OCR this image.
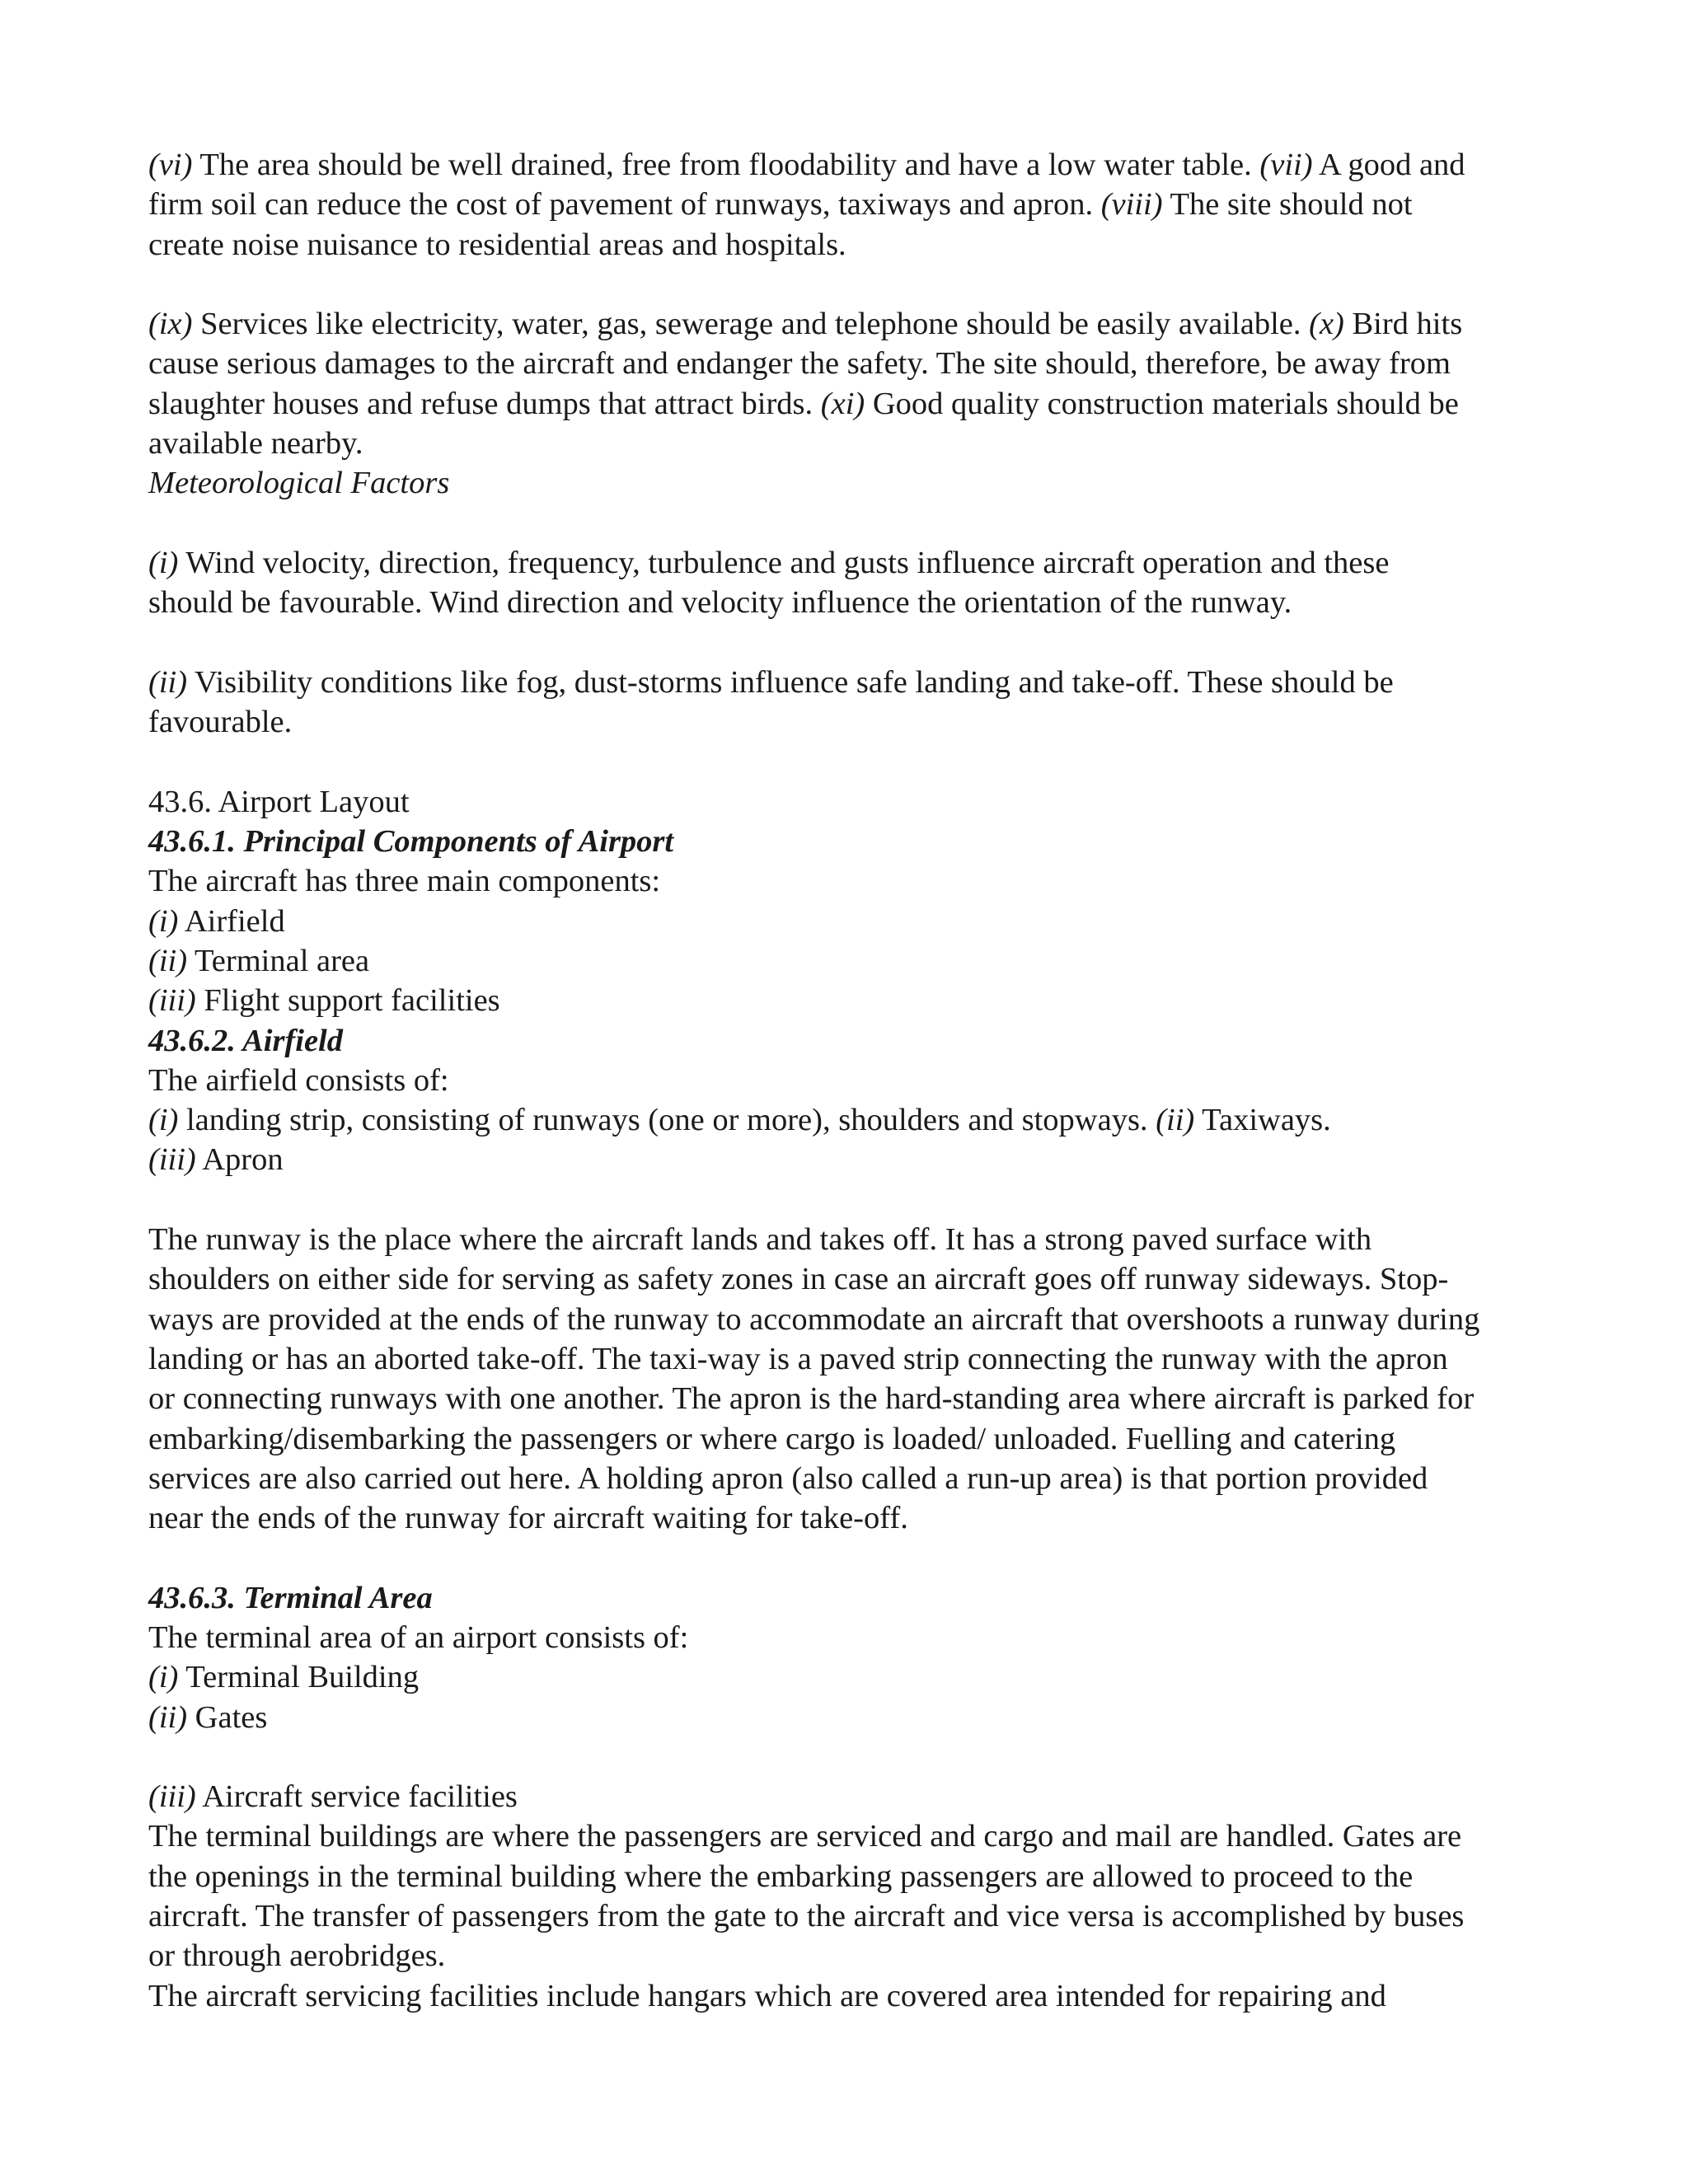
(vi) The area should be well drained, free from floodability and have a low water table. (vii) A good and
firm soil can reduce the cost of pavement of runways, taxiways and apron. (viii) The site should not
create noise nuisance to residential areas and hospitals.
(ix) Services like electricity, water, gas, sewerage and telephone should be easily available. (x) Bird hits
cause serious damages to the aircraft and endanger the safety. The site should, therefore, be away from
slaughter houses and refuse dumps that attract birds. (xi) Good quality construction materials should be
available nearby.
Meteorological Factors
(i) Wind velocity, direction, frequency, turbulence and gusts influence aircraft operation and these
should be favourable. Wind direction and velocity influence the orientation of the runway.
(ii) Visibility conditions like fog, dust-storms influence safe landing and take-off. These should be
favourable.
43.6. Airport Layout
43.6.1. Principal Components of Airport
The aircraft has three main components:
(i) Airfield
(ii) Terminal area
(iii) Flight support facilities
43.6.2. Airfield
The airfield consists of:
(i) landing strip, consisting of runways (one or more), shoulders and stopways. (ii) Taxiways.
(iii) Apron
The runway is the place where the aircraft lands and takes off. It has a strong paved surface with
shoulders on either side for serving as safety zones in case an aircraft goes off runway sideways. Stop-
ways are provided at the ends of the runway to accommodate an aircraft that overshoots a runway during
landing or has an aborted take-off. The taxi-way is a paved strip connecting the runway with the apron
or connecting runways with one another. The apron is the hard-standing area where aircraft is parked for
embarking/disembarking the passengers or where cargo is loaded/ unloaded. Fuelling and catering
services are also carried out here. A holding apron (also called a run-up area) is that portion provided
near the ends of the runway for aircraft waiting for take-off.
43.6.3. Terminal Area
The terminal area of an airport consists of:
(i) Terminal Building
(ii) Gates
(iii) Aircraft service facilities
The terminal buildings are where the passengers are serviced and cargo and mail are handled. Gates are
the openings in the terminal building where the embarking passengers are allowed to proceed to the
aircraft. The transfer of passengers from the gate to the aircraft and vice versa is accomplished by buses
or through aerobridges.
The aircraft servicing facilities include hangars which are covered area intended for repairing and
